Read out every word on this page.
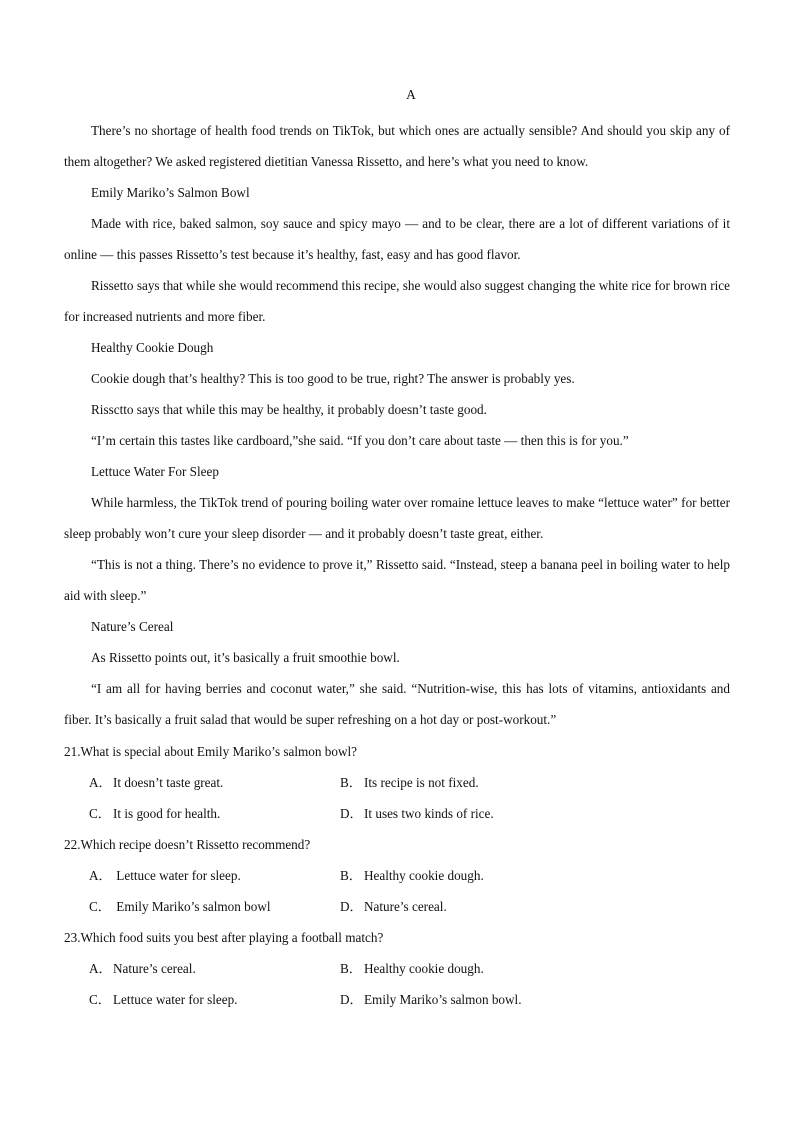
A

There’s no shortage of health food trends on TikTok, but which ones are actually sensible? And should you skip any of them altogether? We asked registered dietitian Vanessa Rissetto, and here’s what you need to know.

Emily Mariko’s Salmon Bowl

Made with rice, baked salmon, soy sauce and spicy mayo — and to be clear, there are a lot of different variations of it online — this passes Rissetto’s test because it’s healthy, fast, easy and has good flavor.

Rissetto says that while she would recommend this recipe, she would also suggest changing the white rice for brown rice for increased nutrients and more fiber.

Healthy Cookie Dough

Cookie dough that’s healthy? This is too good to be true, right? The answer is probably yes.

Rissctto says that while this may be healthy, it probably doesn’t taste good.

“I’m certain this tastes like cardboard,”she said. “If you don’t care about taste — then this is for you.”

Lettuce Water For Sleep

While harmless, the TikTok trend of pouring boiling water over romaine lettuce leaves to make “lettuce water” for better sleep probably won’t cure your sleep disorder — and it probably doesn’t taste great, either.

“This is not a thing. There’s no evidence to prove it,” Rissetto said. “Instead, steep a banana peel in boiling water to help aid with sleep.”

Nature’s Cereal

As Rissetto points out, it’s basically a fruit smoothie bowl.

“I am all for having berries and coconut water,” she said. “Nutrition-wise, this has lots of vitamins, antioxidants and fiber. It’s basically a fruit salad that would be super refreshing on a hot day or post-workout.”

21.What is special about Emily Mariko’s salmon bowl?

A．It doesn’t taste great.	B． Its recipe is not fixed.
C． It is good for health.	D．It uses two kinds of rice.

22.Which recipe doesn’t Rissetto recommend?

A． Lettuce water for sleep.	B． Healthy cookie dough.
C． Emily Mariko’s salmon bowl	D．Nature’s cereal.

23.Which food suits you best after playing a football match?

A．Nature’s cereal.	B． Healthy cookie dough.
C． Lettuce water for sleep.	D．Emily Mariko’s salmon bowl.
